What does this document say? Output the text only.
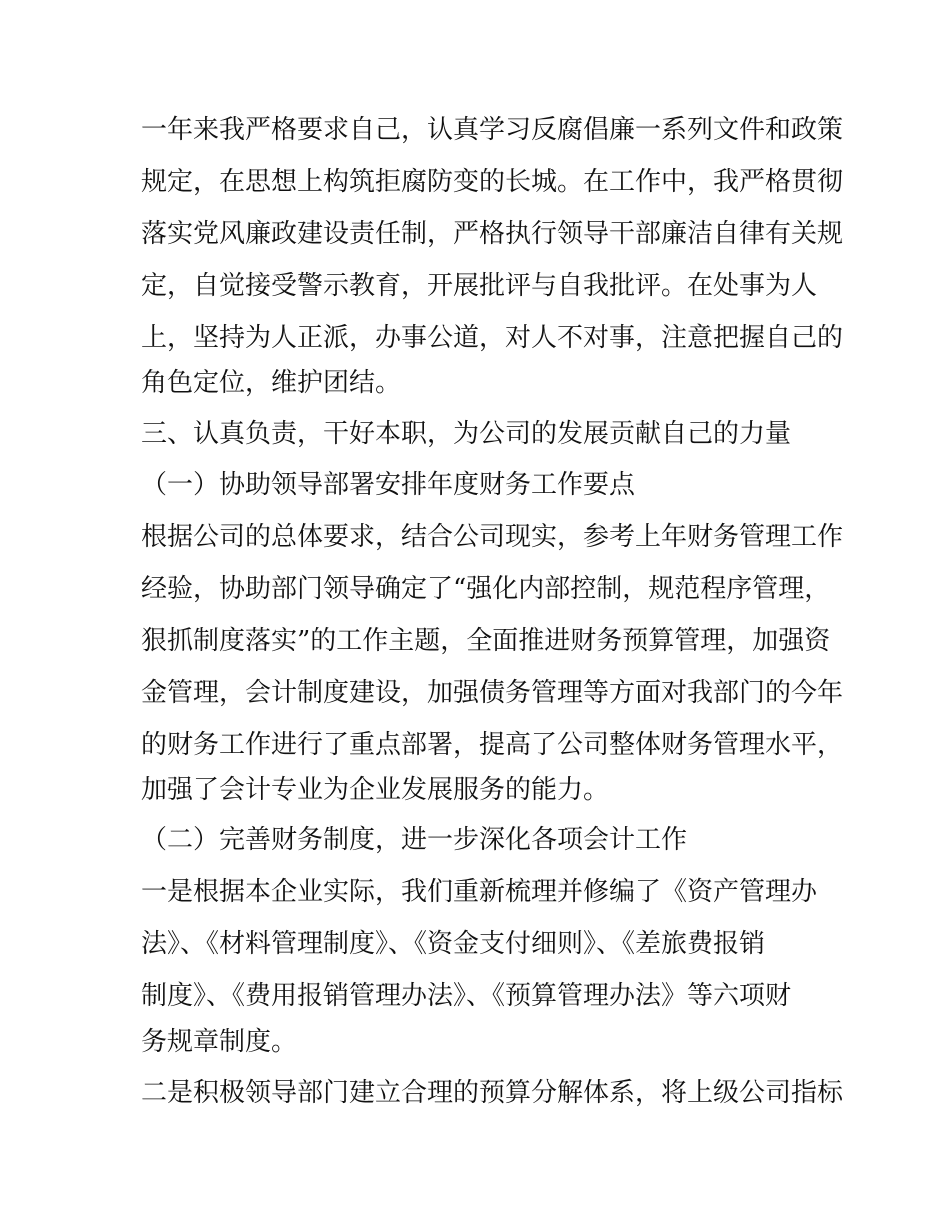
一年来我严格要求自己，认真学习反腐倡廉一系列文件和政策
规定，在思想上构筑拒腐防变的长城。在工作中，我严格贯彻
落实党风廉政建设责任制，严格执行领导干部廉洁自律有关规
定，自觉接受警示教育，开展批评与自我批评。在处事为人
上，坚持为人正派，办事公道，对人不对事，注意把握自己的
角色定位，维护团结。
三、认真负责，干好本职，为公司的发展贡献自己的力量
（一）协助领导部署安排年度财务工作要点
根据公司的总体要求，结合公司现实，参考上年财务管理工作
经验，协助部门领导确定了“强化内部控制，规范程序管理，
狠抓制度落实”的工作主题，全面推进财务预算管理，加强资
金管理，会计制度建设，加强债务管理等方面对我部门的今年
的财务工作进行了重点部署，提高了公司整体财务管理水平，
加强了会计专业为企业发展服务的能力。
（二）完善财务制度，进一步深化各项会计工作
一是根据本企业实际，我们重新梳理并修编了《资产管理办
法》、《材料管理制度》、《资金支付细则》、《差旅费报销
制度》、《费用报销管理办法》、《预算管理办法》等六项财
务规章制度。
二是积极领导部门建立合理的预算分解体系，将上级公司指标
